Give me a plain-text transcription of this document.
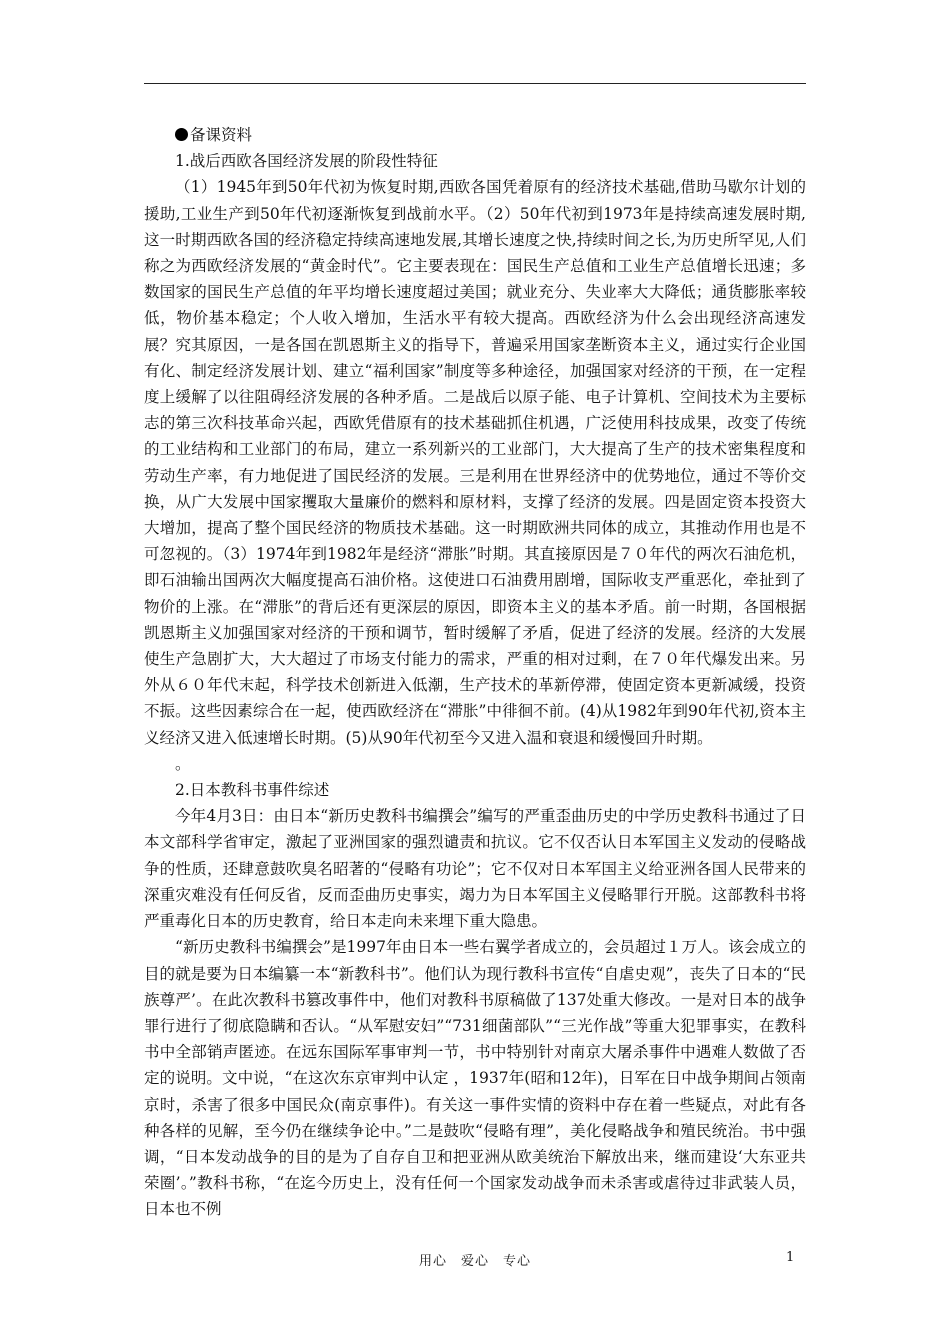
备课资料

1.战后西欧各国经济发展的阶段性特征

（1）1945年到50年代初为恢复时期,西欧各国凭着原有的经济技术基础,借助马歇尔计划的援助,工业生产到50年代初逐渐恢复到战前水平。（2）50年代初到1973年是持续高速发展时期,这一时期西欧各国的经济稳定持续高速地发展,其增长速度之快,持续时间之长,为历史所罕见,人们称之为西欧经济发展的“黄金时代”。它主要表现在：国民生产总值和工业生产总值增长迅速；多数国家的国民生产总值的年平均增长速度超过美国；就业充分、失业率大大降低；通货膨胀率较低，物价基本稳定；个人收入增加，生活水平有较大提高。西欧经济为什么会出现经济高速发展？究其原因，一是各国在凯恩斯主义的指导下，普遍采用国家垄断资本主义，通过实行企业国有化、制定经济发展计划、建立“福利国家”制度等多种途径，加强国家对经济的干预，在一定程度上缓解了以往阻碍经济发展的各种矛盾。二是战后以原子能、电子计算机、空间技术为主要标志的第三次科技革命兴起，西欧凭借原有的技术基础抓住机遇，广泛使用科技成果，改变了传统的工业结构和工业部门的布局，建立一系列新兴的工业部门，大大提高了生产的技术密集程度和劳动生产率，有力地促进了国民经济的发展。三是利用在世界经济中的优势地位，通过不等价交换，从广大发展中国家攫取大量廉价的燃料和原材料，支撑了经济的发展。四是固定资本投资大大增加，提高了整个国民经济的物质技术基础。这一时期欧洲共同体的成立，其推动作用也是不可忽视的。（3）1974年到1982年是经济“滞胀”时期。其直接原因是７０年代的两次石油危机，即石油输出国两次大幅度提高石油价格。这使进口石油费用剧增，国际收支严重恶化，牵扯到了物价的上涨。在“滞胀”的背后还有更深层的原因，即资本主义的基本矛盾。前一时期，各国根据凯恩斯主义加强国家对经济的干预和调节，暂时缓解了矛盾，促进了经济的发展。经济的大发展使生产急剧扩大，大大超过了市场支付能力的需求，严重的相对过剩，在７０年代爆发出来。另外从６０年代末起，科学技术创新进入低潮，生产技术的革新停滞，使固定资本更新减缓，投资不振。这些因素综合在一起，使西欧经济在“滞胀”中徘徊不前。(4)从1982年到90年代初,资本主义经济又进入低速增长时期。(5)从90年代初至今又进入温和衰退和缓慢回升时期。

。

2.日本教科书事件综述

今年4月3日：由日本“新历史教科书编撰会”编写的严重歪曲历史的中学历史教科书通过了日本文部科学省审定，激起了亚洲国家的强烈谴责和抗议。它不仅否认日本军国主义发动的侵略战争的性质，还肆意鼓吹臭名昭著的“侵略有功论”；它不仅对日本军国主义给亚洲各国人民带来的深重灾难没有任何反省，反而歪曲历史事实，竭力为日本军国主义侵略罪行开脱。这部教科书将严重毒化日本的历史教育，给日本走向未来埋下重大隐患。

“新历史教科书编撰会”是1997年由日本一些右翼学者成立的，会员超过１万人。该会成立的目的就是要为日本编纂一本“新教科书”。他们认为现行教科书宣传“自虐史观”，丧失了日本的“民族尊严’。在此次教科书篡改事件中，他们对教科书原稿做了137处重大修改。一是对日本的战争罪行进行了彻底隐瞒和否认。“从军慰安妇”“731细菌部队”“三光作战”等重大犯罪事实，在教科书中全部销声匿迹。在远东国际军事审判一节，书中特别针对南京大屠杀事件中遇难人数做了否定的说明。文中说，“在这次东京审判中认定 ，1937年(昭和12年)，日军在日中战争期间占领南京时，杀害了很多中国民众(南京事件)。有关这一事件实情的资料中存在着一些疑点，对此有各种各样的见解，至今仍在继续争论中。”二是鼓吹“侵略有理”，美化侵略战争和殖民统治。书中强调，“日本发动战争的目的是为了自存自卫和把亚洲从欧美统治下解放出来，继而建设‘大东亚共荣圈’。”教科书称，“在迄今历史上，没有任何一个国家发动战争而未杀害或虐待过非武装人员，日本也不例

用心　爱心　专心	1
